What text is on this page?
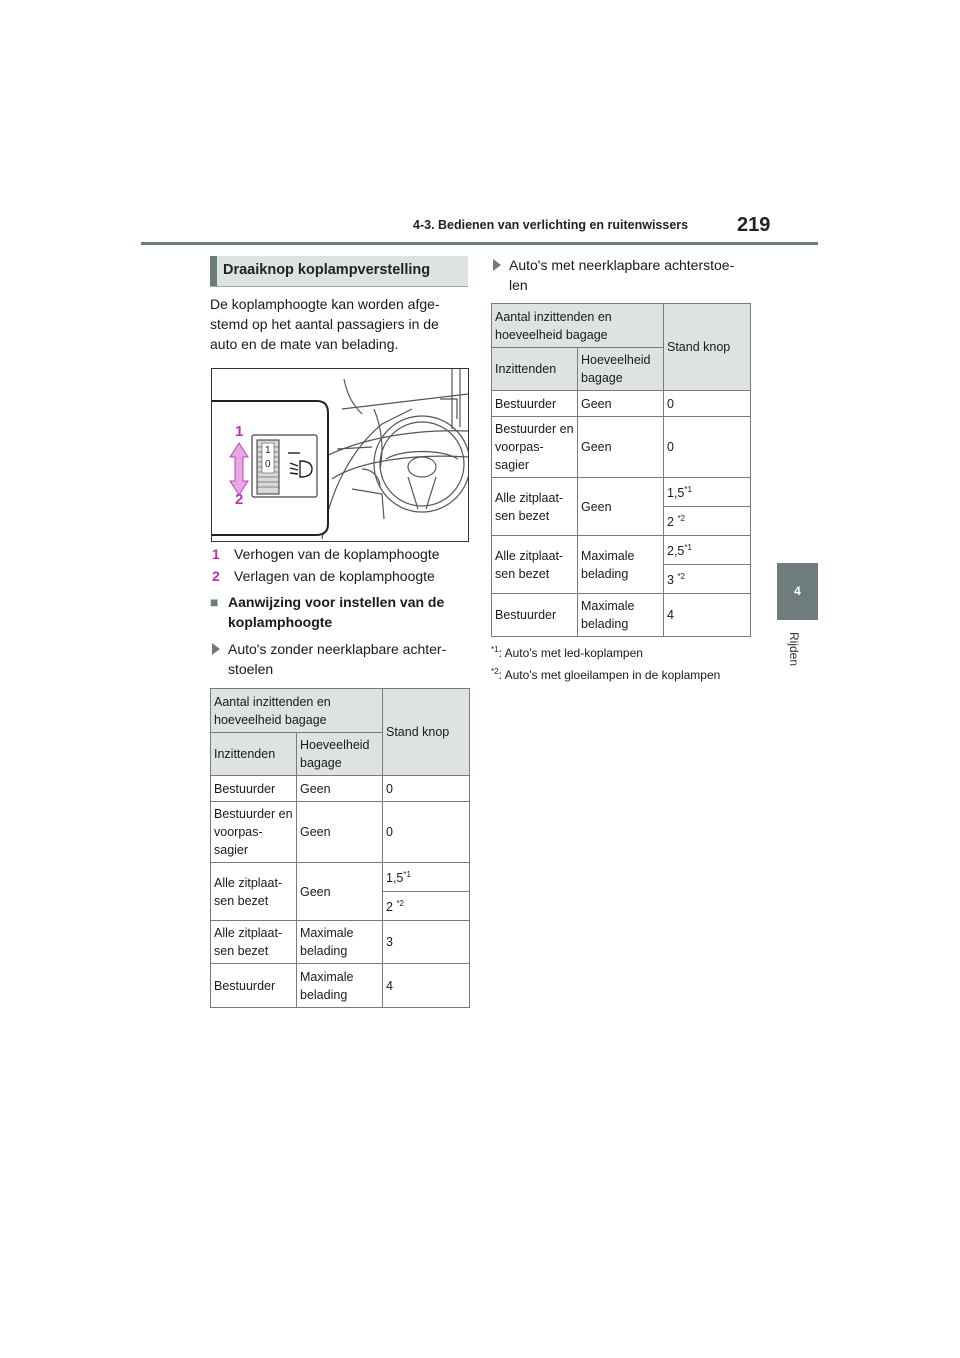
4-3. Bedienen van verlichting en ruitenwissers 219
4
Rijden
Draaiknop koplampverstelling
De koplamphoogte kan worden afge-
stemd op het aantal passagiers in de
auto en de mate van belading.
1
2
1
0
1 Verhogen van de koplamphoogte
2 Verlagen van de koplamphoogte
■ Aanwijzing voor instellen van de
koplamphoogte
Auto's zonder neerklapbare achter-
stoelen
Aantal inzittenden en hoeveelheid bagage		Stand knop
Inzittenden	Hoeveelheid bagage	
Bestuurder	Geen	0
Bestuurder en voorpas- sagier	Geen	0
Alle zitplaat- sen bezet	Geen	1,5$^{*1}$
		2 $^{*2}$
Alle zitplaat- sen bezet	Maximale belading	3
Bestuurder	Maximale belading	4
Auto's met neerklapbare achterstoe-
len
Aantal inzittenden en hoeveelheid bagage		Stand knop
Inzittenden	Hoeveelheid bagage	
Bestuurder	Geen	0
Bestuurder en voorpas- sagier	Geen	0
Alle zitplaat- sen bezet	Geen	1,5$^{*1}$
		2 $^{*2}$
Alle zitplaat- sen bezet	Maximale belading	2,5$^{*1}$
		3 $^{*2}$
Bestuurder	Maximale belading	4
$^{*1}$: Auto's met led-koplampen
$^{*2}$: Auto's met gloeilampen in de koplampen
